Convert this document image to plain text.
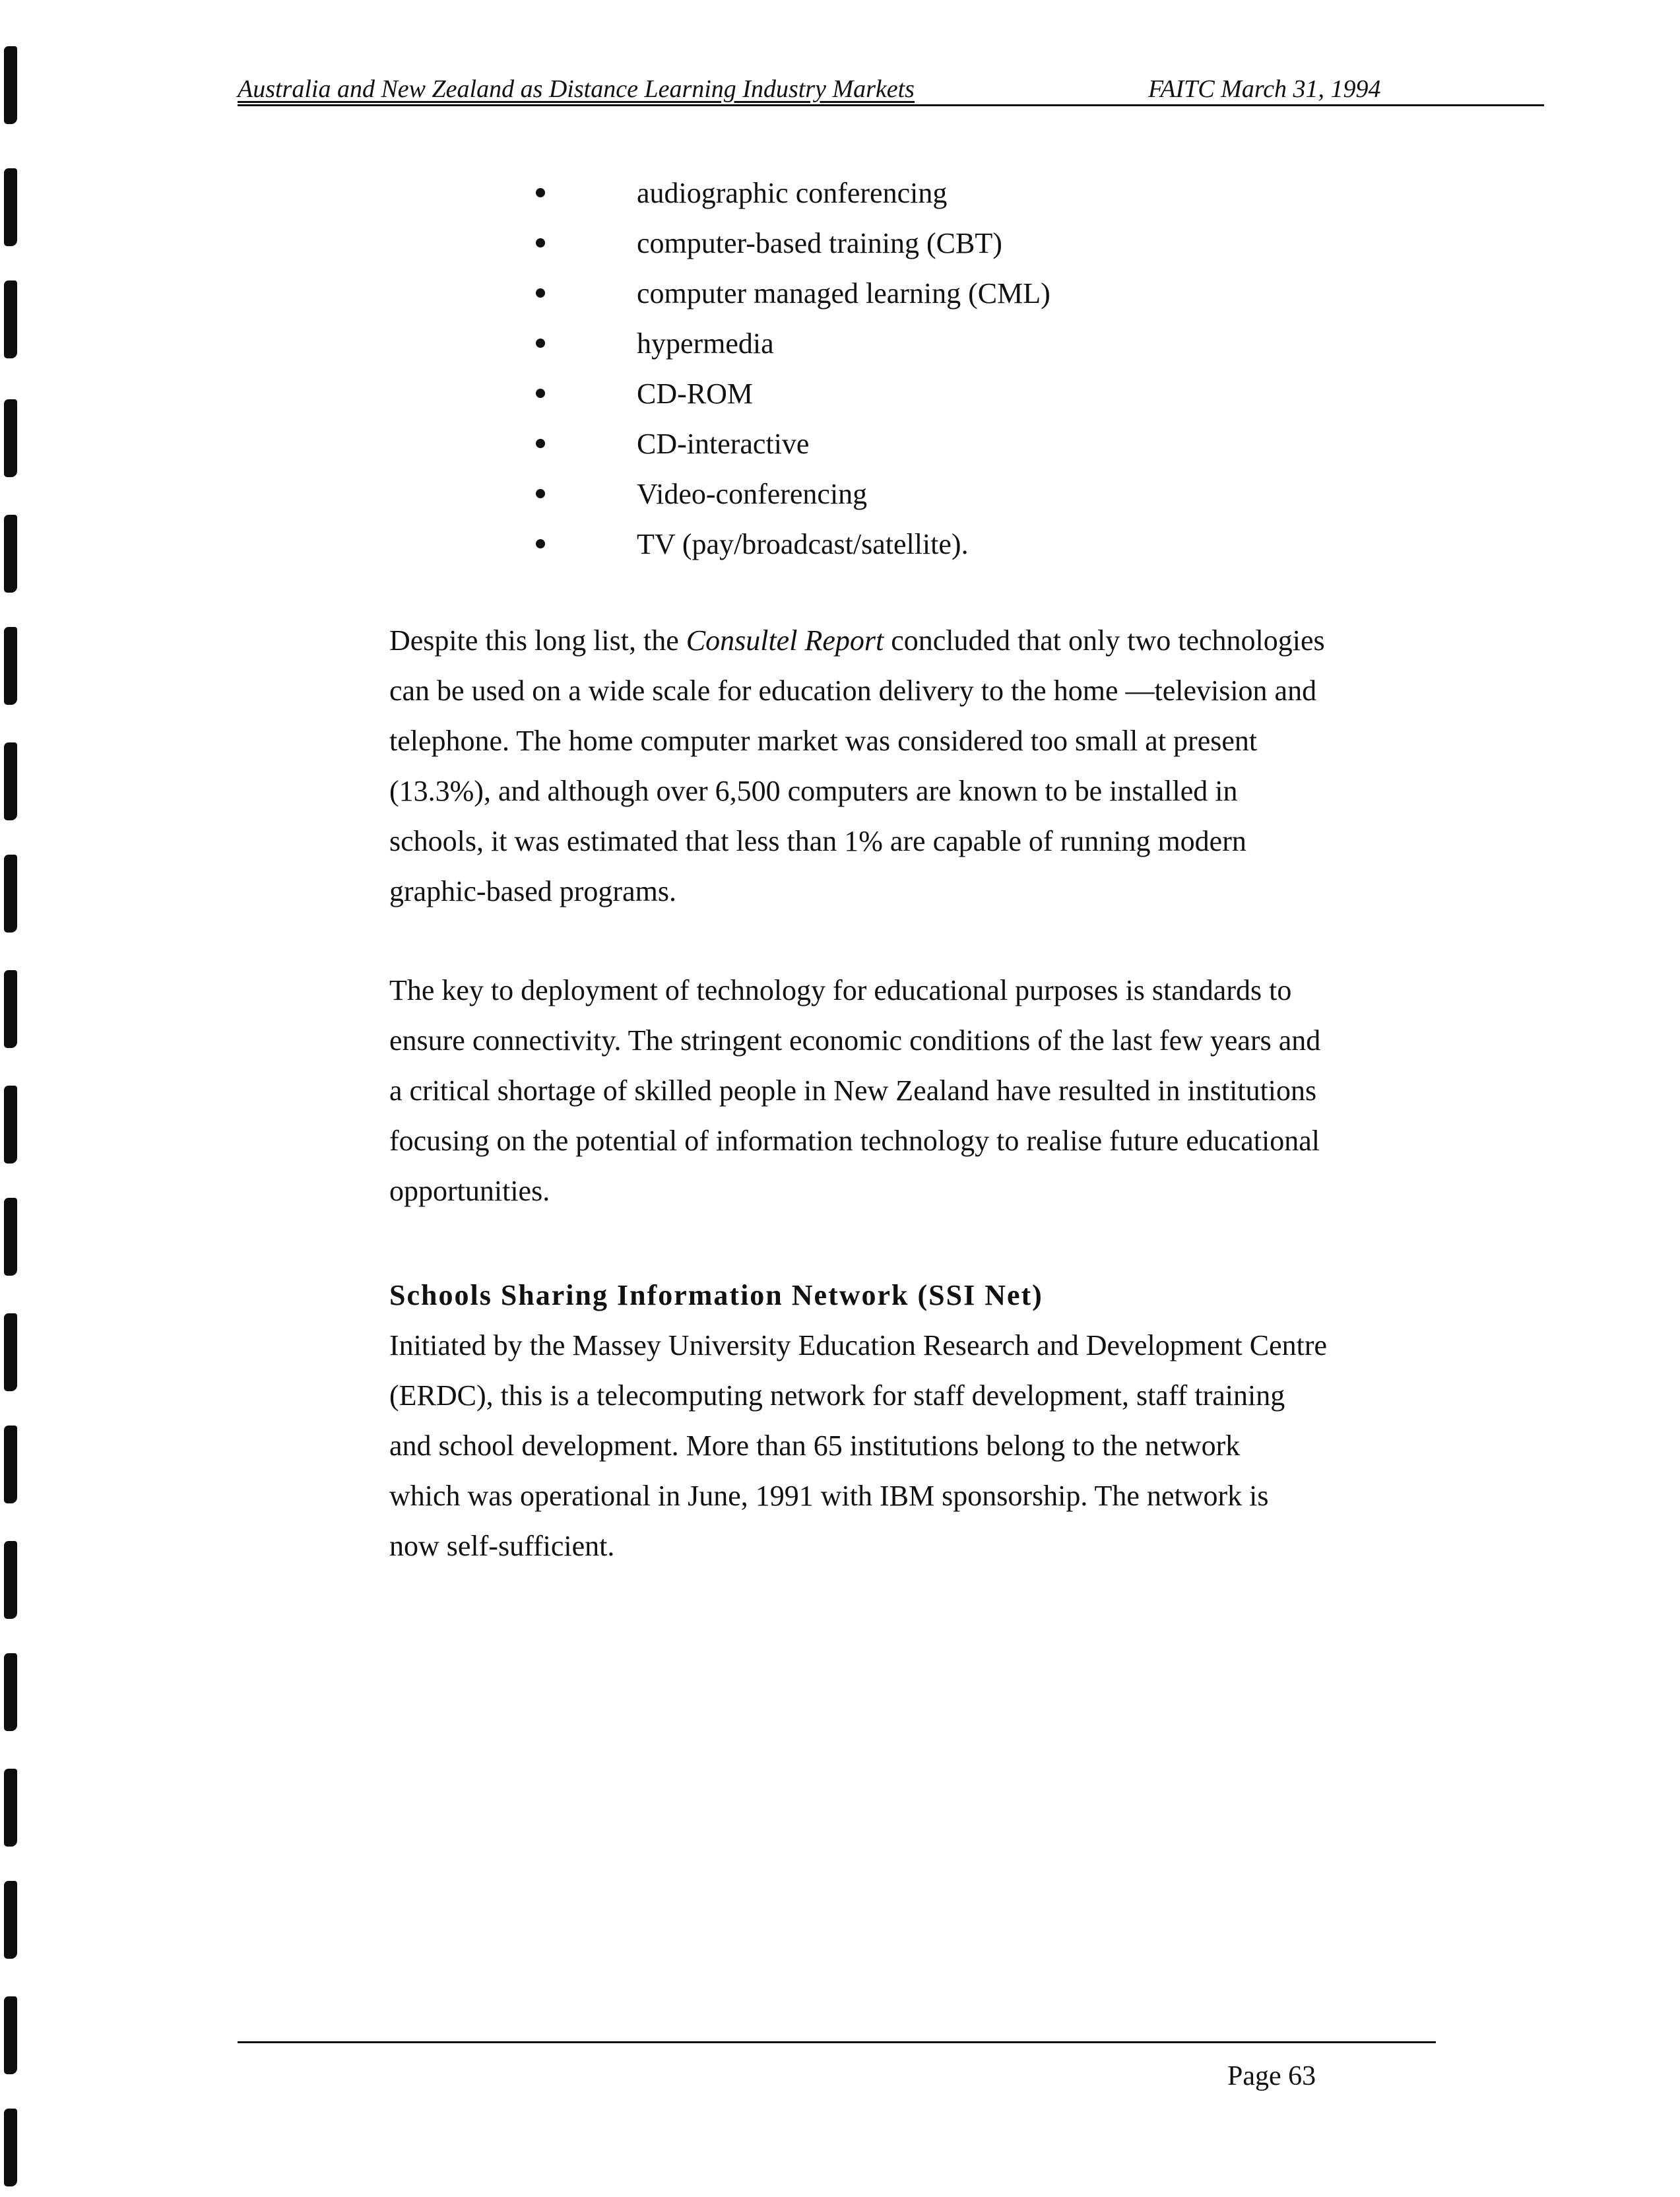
Australia and New Zealand as Distance Learning Industry Markets	FAITC March 31, 1994
audiographic conferencing
computer-based training (CBT)
computer managed learning (CML)
hypermedia
CD-ROM
CD-interactive
Video-conferencing
TV (pay/broadcast/satellite).

Despite this long list, the Consultel Report concluded that only two technologies
can be used on a wide scale for education delivery to the home —television and
telephone. The home computer market was considered too small at present
(13.3%), and although over 6,500 computers are known to be installed in
schools, it was estimated that less than 1% are capable of running modern
graphic-based programs.

The key to deployment of technology for educational purposes is standards to
ensure connectivity. The stringent economic conditions of the last few years and
a critical shortage of skilled people in New Zealand have resulted in institutions
focusing on the potential of information technology to realise future educational
opportunities.

Schools Sharing Information Network (SSI Net)

Initiated by the Massey University Education Research and Development Centre
(ERDC), this is a telecomputing network for staff development, staff training
and school development. More than 65 institutions belong to the network
which was operational in June, 1991 with IBM sponsorship. The network is
now self-sufficient.

Page 63
